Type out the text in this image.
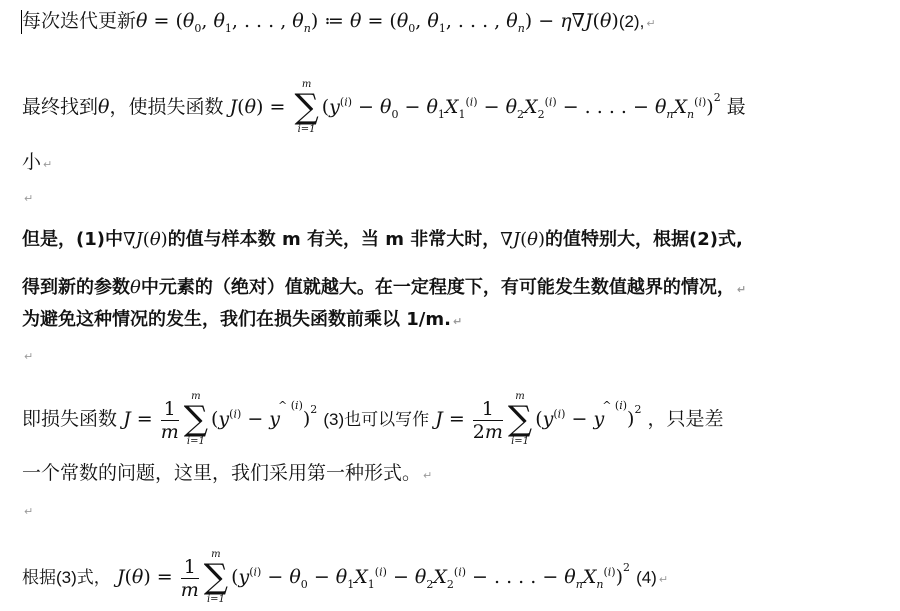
每次迭代更新$\theta = (\theta_0$, $\theta_1$, . . . , $\theta_n$) ≔ $\theta = (\theta_0$, $\theta_1$, . . . , $\theta_n) - \eta\nabla J(\theta)(2)$, ↵
最终找到θ，使损失函数 J(θ) =
m
∑
i=1
($y^{(i)} - \theta_0 - \theta_1X_1^{(i)} - \theta_2X_2^{(i)}$ − . . . . − $\theta_nX_n^{(i)})^2$ 最
小 ↵
↵
但是，(1)中∇J(θ)的值与样本数 m 有关，当 m 非常大时，∇J(θ)的值特别大，根据(2)式,
得到新的参数θ中元素的（绝对）值就越大。在一定程度下，有可能发生数值越界的情况， ↵
为避免这种情况的发生，我们在损失函数前乘以 1/m. ↵
↵
即损失函数 $J = \frac{1}{m}$
m
∑
i=1
$(y^{(i)} - y^{\^{} (i)})^2$ (3)也可以写作 $J = \frac{1}{2m}$
m
∑
i=1
$(y^{(i)} - y^{\^{} (i)})^2$ ，只是差
一个常数的问题，这里，我们采用第一种形式。 ↵
↵
根据(3)式， $J(\theta) = \frac{1}{m}$
m
∑
i=1
($y^{(i)} - \theta_0 - \theta_1X_1^{(i)} - \theta_2X_2^{(i)}$ − . . . . − $\theta_nX_n^{(i)})^2$ (4) ↵
